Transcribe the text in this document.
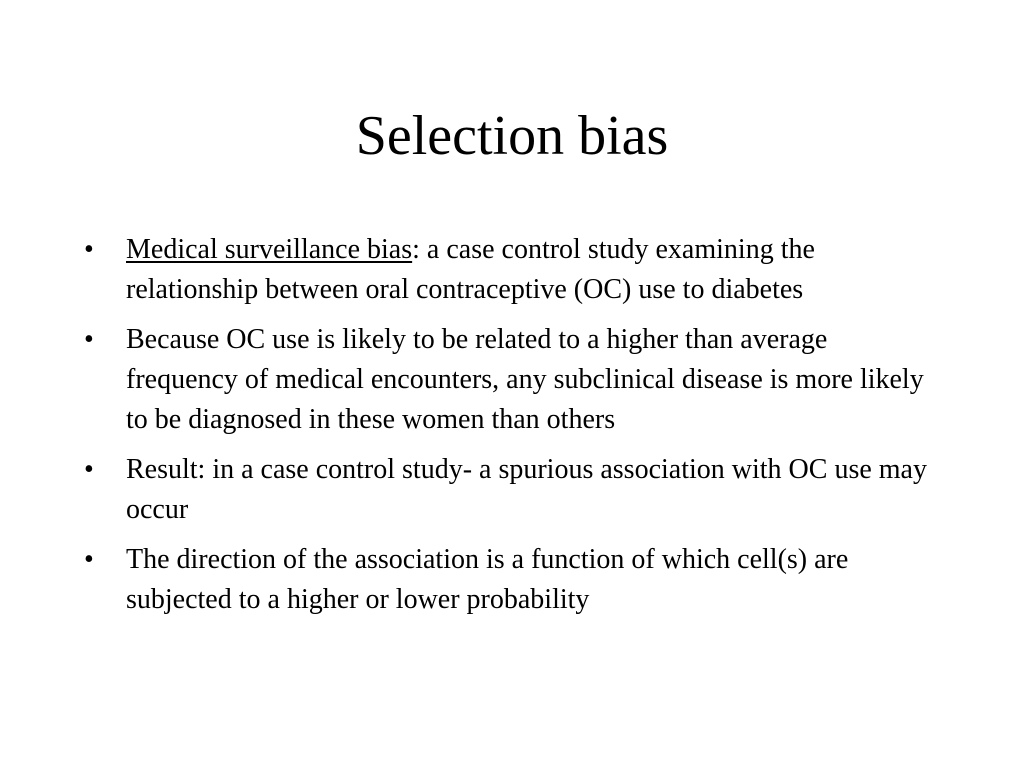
Selection bias
•	Medical surveillance bias: a case control study examining the relationship between oral contraceptive (OC) use to diabetes
•	Because OC use is likely to be related to a higher than average frequency of medical encounters, any subclinical disease is more likely to be diagnosed in these women than others
•	Result: in a case control study- a spurious association with OC use may occur
•	The direction of the association is a function of which cell(s) are subjected to a higher or lower probability
